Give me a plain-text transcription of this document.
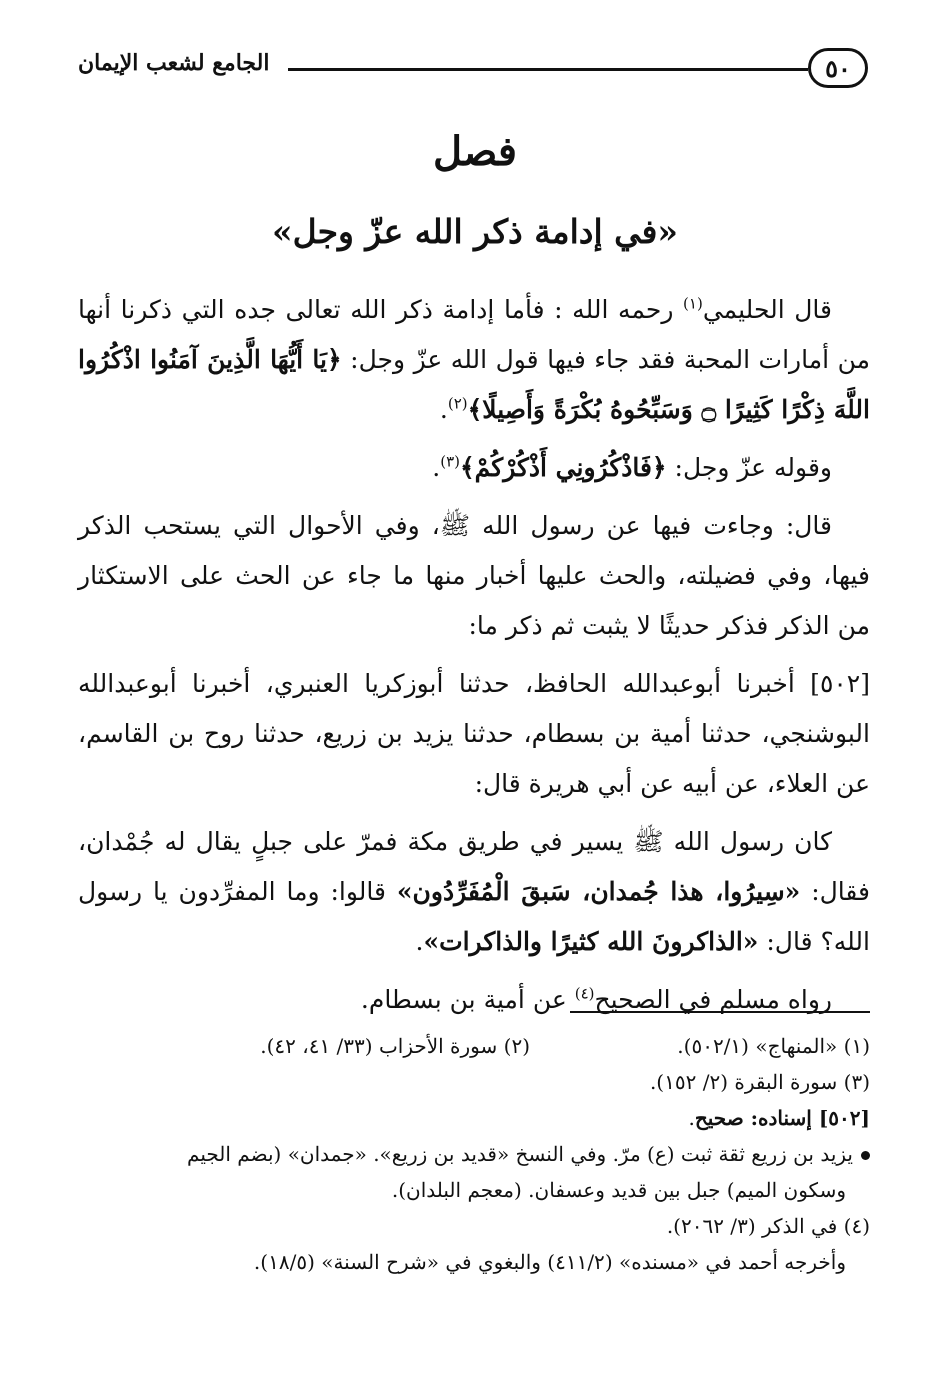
٥٠
الجامع لشعب الإيمان
فصل
«في إدامة ذكر الله عزّ وجل»

قال الحليمي$^{(١)}$ رحمه الله : فأما إدامة ذكر الله تعالى جده التي ذكرنا أنها من أمارات المحبة فقد جاء فيها قول الله عزّ وجل: ﴿يَا أَيُّهَا الَّذِينَ آمَنُوا اذْكُرُوا اللَّهَ ذِكْرًا كَثِيرًا ۝ وَسَبِّحُوهُ بُكْرَةً وَأَصِيلًا﴾$^{(٢)}$.

وقوله عزّ وجل: ﴿فَاذْكُرُونِي أَذْكُرْكُمْ﴾$^{(٣)}$.

قال: وجاءت فيها عن رسول الله ﷺ، وفي الأحوال التي يستحب الذكر فيها، وفي فضيلته، والحث عليها أخبار منها ما جاء عن الحث على الاستكثار من الذكر فذكر حديثًا لا يثبت ثم ذكر ما:

[٥٠٢] أخبرنا أبوعبدالله الحافظ، حدثنا أبوزكريا العنبري، أخبرنا أبوعبدالله البوشنجي، حدثنا أمية بن بسطام، حدثنا يزيد بن زريع، حدثنا روح بن القاسم، عن العلاء، عن أبيه عن أبي هريرة قال:

كان رسول الله ﷺ يسير في طريق مكة فمرّ على جبلٍ يقال له جُمْدان، فقال: «سِيرُوا، هذا جُمدان، سَبقَ الْمُفَرِّدُون» قالوا: وما المفرِّدون يا رسول الله؟ قال: «الذاكرونَ الله كثيرًا والذاكرات».

رواه مسلم في الصحيح$^{(٤)}$ عن أمية بن بسطام.

(١) «المنهاج» (٥٠٢/١).
(٢) سورة الأحزاب (٣٣/ ٤١، ٤٢).

(٣) سورة البقرة (٢/ ١٥٢).

[٥٠٢] إسناده: صحيح.

يزيد بن زريع ثقة ثبت (ع) مرّ. وفي النسخ «قديد بن زريع». «جمدان» (بضم الجيم

وسكون الميم) جبل بين قديد وعسفان. (معجم البلدان).

(٤) في الذكر (٣/ ٢٠٦٢).

وأخرجه أحمد في «مسنده» (٤١١/٢) والبغوي في «شرح السنة» (١٨/٥).
